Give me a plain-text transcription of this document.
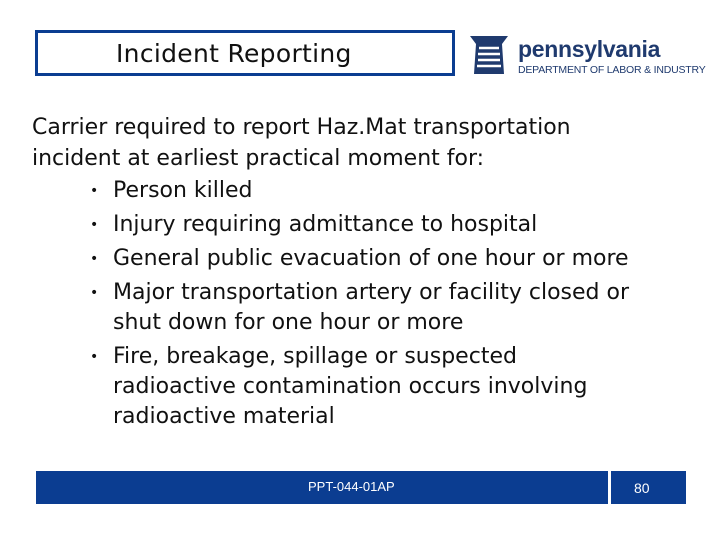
Incident Reporting	pennsylvania
DEPARTMENT OF LABOR & INDUSTRY
Carrier required to report Haz.Mat transportation
incident at earliest practical moment for:
• Person killed
• Injury requiring admittance to hospital
• General public evacuation of one hour or more
• Major transportation artery or facility closed or
shut down for one hour or more
• Fire, breakage, spillage or suspected
radioactive contamination occurs involving
radioactive material
PPT-044-01AP	80
